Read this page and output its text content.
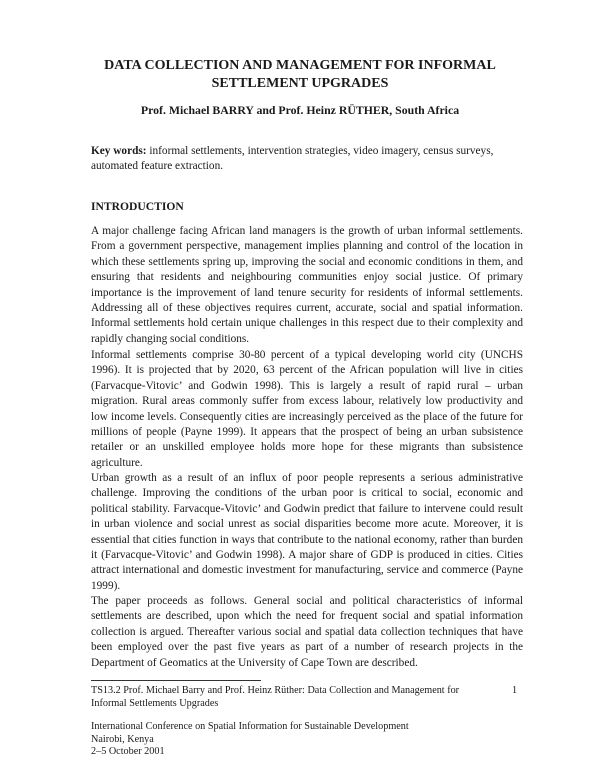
DATA COLLECTION AND MANAGEMENT FOR INFORMAL SETTLEMENT UPGRADES
Prof. Michael BARRY and Prof. Heinz RÜTHER, South Africa
Key words: informal settlements, intervention strategies, video imagery, census surveys, automated feature extraction.
INTRODUCTION

A major challenge facing African land managers is the growth of urban informal settlements. From a government perspective, management implies planning and control of the location in which these settlements spring up, improving the social and economic conditions in them, and ensuring that residents and neighbouring communities enjoy social justice. Of primary importance is the improvement of land tenure security for residents of informal settlements. Addressing all of these objectives requires current, accurate, social and spatial information. Informal settlements hold certain unique challenges in this respect due to their complexity and rapidly changing social conditions.

Informal settlements comprise 30-80 percent of a typical developing world city (UNCHS 1996). It is projected that by 2020, 63 percent of the African population will live in cities (Farvacque-Vitovic’ and Godwin 1998). This is largely a result of rapid rural – urban migration. Rural areas commonly suffer from excess labour, relatively low productivity and low income levels. Consequently cities are increasingly perceived as the place of the future for millions of people (Payne 1999). It appears that the prospect of being an urban subsistence retailer or an unskilled employee holds more hope for these migrants than subsistence agriculture.

Urban growth as a result of an influx of poor people represents a serious administrative challenge. Improving the conditions of the urban poor is critical to social, economic and political stability. Farvacque-Vitovic’ and Godwin predict that failure to intervene could result in urban violence and social unrest as social disparities become more acute. Moreover, it is essential that cities function in ways that contribute to the national economy, rather than burden it (Farvacque-Vitovic’ and Godwin 1998). A major share of GDP is produced in cities. Cities attract international and domestic investment for manufacturing, service and commerce (Payne 1999).

The paper proceeds as follows. General social and political characteristics of informal settlements are described, upon which the need for frequent social and spatial information collection is argued. Thereafter various social and spatial data collection techniques that have been employed over the past five years as part of a number of research projects in the Department of Geomatics at the University of Cape Town are described.

TS13.2 Prof. Michael Barry and Prof. Heinz Rüther: Data Collection and Management for Informal Settlements Upgrades
1
International Conference on Spatial Information for Sustainable Development
Nairobi, Kenya
2–5 October 2001
